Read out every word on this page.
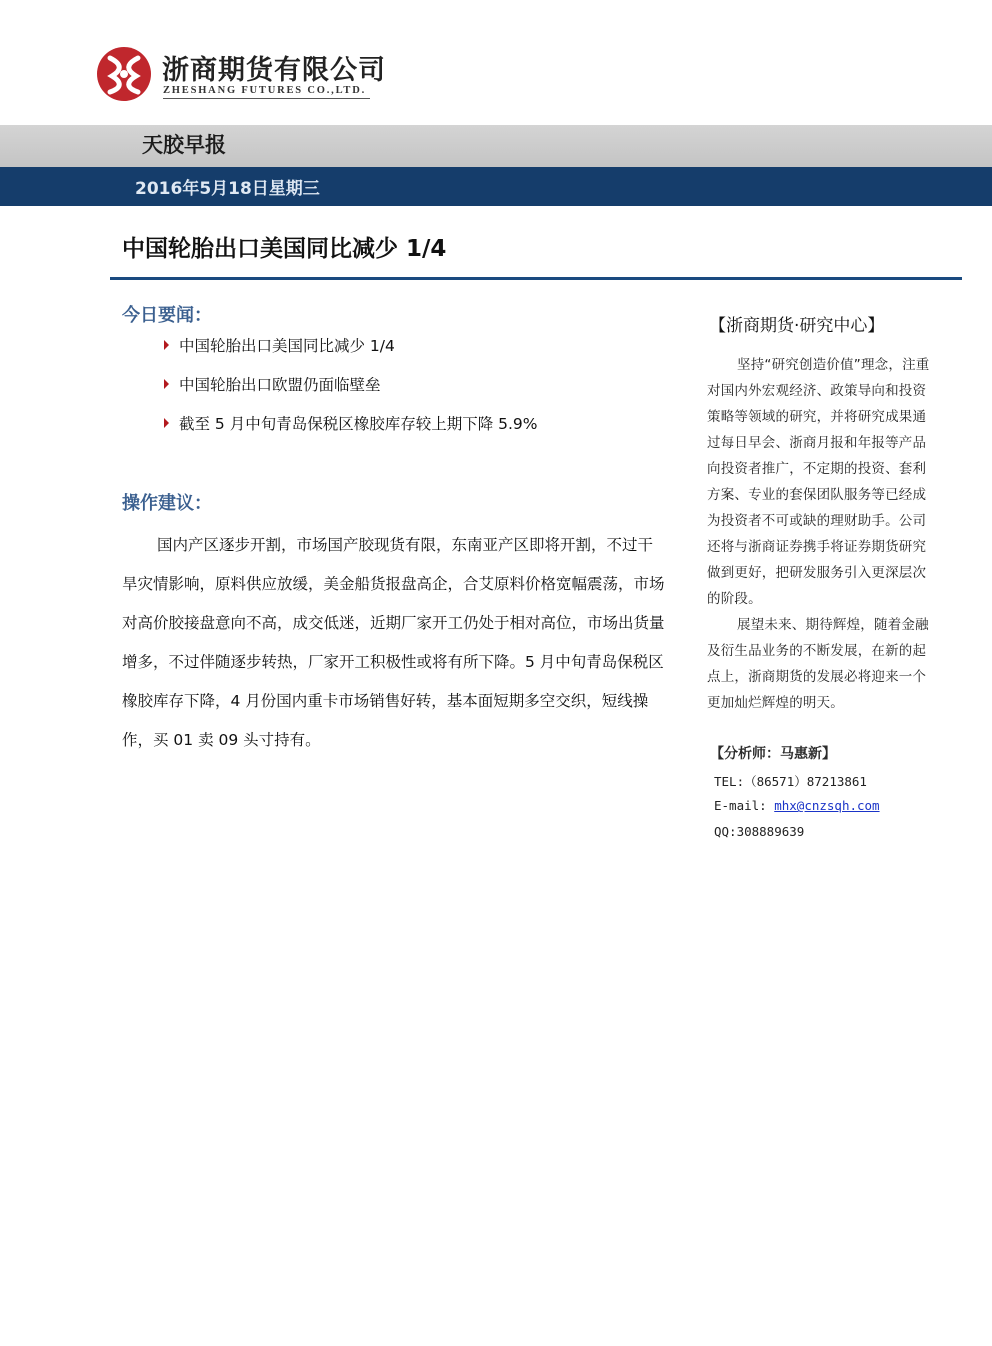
浙商期货有限公司
ZHESHANG FUTURES CO.,LTD.
天胶早报
2016年5月18日星期三
中国轮胎出口美国同比减少 1/4
今日要闻：
中国轮胎出口美国同比减少 1/4
中国轮胎出口欧盟仍面临壁垒
截至 5 月中旬青岛保税区橡胶库存较上期下降 5.9%
操作建议：

国内产区逐步开割，市场国产胶现货有限，东南亚产区即将开割，不过干旱灾情影响，原料供应放缓，美金船货报盘高企，合艾原料价格宽幅震荡，市场对高价胶接盘意向不高，成交低迷，近期厂家开工仍处于相对高位，市场出货量增多，不过伴随逐步转热，厂家开工积极性或将有所下降。5 月中旬青岛保税区橡胶库存下降，4 月份国内重卡市场销售好转，基本面短期多空交织，短线操作，买 01 卖 09 头寸持有。

【浙商期货·研究中心】

坚持“研究创造价值”理念，注重对国内外宏观经济、政策导向和投资策略等领域的研究，并将研究成果通过每日早会、浙商月报和年报等产品向投资者推广，不定期的投资、套利方案、专业的套保团队服务等已经成为投资者不可或缺的理财助手。公司还将与浙商证券携手将证券期货研究做到更好，把研发服务引入更深层次的阶段。

展望未来、期待辉煌，随着金融及衍生品业务的不断发展，在新的起点上，浙商期货的发展必将迎来一个更加灿烂辉煌的明天。

【分析师：马惠新】
TEL:（86571）87213861
E-mail: mhx@cnzsqh.com
QQ:308889639
